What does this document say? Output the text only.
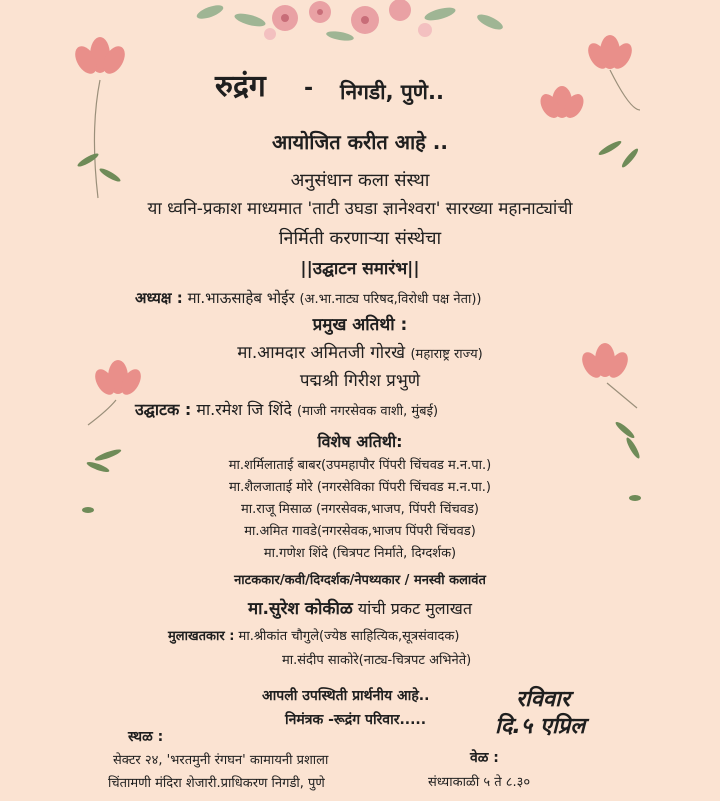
रुद्रंग - निगडी, पुणे..
आयोजित करीत आहे ..
अनुसंधान कला संस्था
या ध्वनि-प्रकाश माध्यमात 'ताटी उघडा ज्ञानेश्वरा' सारख्या महानाट्यांची
निर्मिती करणाऱ्या संस्थेचा
||उद्घाटन समारंभ||
अध्यक्ष : मा.भाऊसाहेब भोईर (अ.भा.नाट्य परिषद,विरोधी पक्ष नेता))
प्रमुख अतिथी :
मा.आमदार अमितजी गोरखे (महाराष्ट्र राज्य)
पद्मश्री गिरीश प्रभुणे
उद्घाटक : मा.रमेश जि शिंदे (माजी नगरसेवक वाशी, मुंबई)
विशेष अतिथी:
मा.शर्मिलाताई बाबर(उपमहापौर पिंपरी चिंचवड म.न.पा.)
मा.शैलजाताई मोरे (नगरसेविका पिंपरी चिंचवड म.न.पा.)
मा.राजू मिसाळ (नगरसेवक,भाजप, पिंपरी चिंचवड)
मा.अमित गावडे(नगरसेवक,भाजप पिंपरी चिंचवड)
मा.गणेश शिंदे (चित्रपट निर्माते, दिग्दर्शक)
नाटककार/कवी/दिग्दर्शक/नेपथ्यकार / मनस्वी कलावंत
मा.सुरेश कोकीळ यांची प्रकट मुलाखत
मुलाखतकार : मा.श्रीकांत चौगुले(ज्येष्ठ साहित्यिक,सूत्रसंवादक)
मा.संदीप साकोरे(नाट्य-चित्रपट अभिनेते)
आपली उपस्थिती प्रार्थनीय आहे..
निमंत्रक -रूद्रंग परिवार.....
रविवार
दि.५ एप्रिल
स्थळ :
सेक्टर २४, 'भरतमुनी रंगघन' कामायनी प्रशाला
चिंतामणी मंदिरा शेजारी.प्राधिकरण निगडी, पुणे
वेळ :
संध्याकाळी ५ ते ८.३०
